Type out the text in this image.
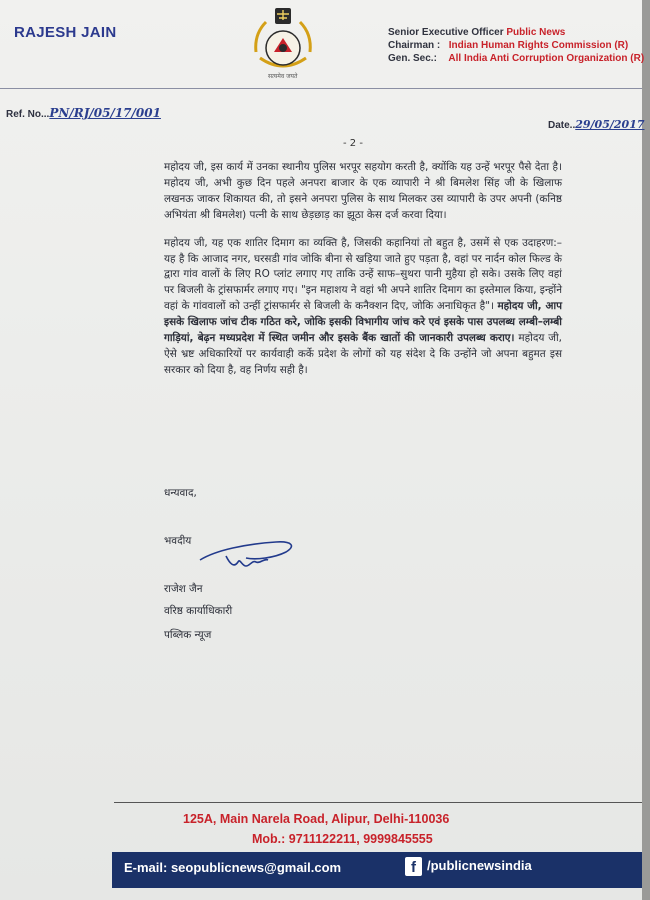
RAJESH JAIN
सत्यमेव जयते
Senior Executive Officer Public News
Chairman : Indian Human Rights Commission (R)
Gen. Sec.: All India Anti Corruption Organization (R)
Ref. No...PN/RJ/05/17/001
Date..29/05/2017
- 2 -

महोदय जी, इस कार्य में उनका स्थानीय पुलिस भरपूर सहयोग करती है, क्योंकि यह उन्हें भरपूर पैसे देता है। महोदय जी, अभी कुछ दिन पहले अनपरा बाजार के एक व्यापारी ने श्री बिमलेश सिंह जी के खिलाफ लखनऊ जाकर शिकायत की, तो इसने अनपरा पुलिस के साथ मिलकर उस व्यापारी के उपर अपनी (कनिष्ठ अभियंता श्री बिमलेश) पत्नी के साथ छेड़छाड़ का झूठा केस दर्ज करवा दिया।

महोदय जी, यह एक शातिर दिमाग का व्यक्ति है, जिसकी कहानियां तो बहुत है, उसमें से एक उदाहरण:– यह है कि आजाद नगर, घरसडी गांव जोकि बीना से खड़िया जाते हुए पड़ता है, वहां पर नार्दन कोल फिल्ड के द्वारा गांव वालों के लिए RO प्लांट लगाए गए ताकि उन्हें साफ–सुथरा पानी मुहैया हो सके। उसके लिए वहां पर बिजली के ट्रांसफार्मर लगाए गए। "इन महाशय ने वहां भी अपने शातिर दिमाग का इस्तेमाल किया, इन्होंने वहां के गांववालों को उन्हीं ट्रांसफार्मर से बिजली के कनैक्शन दिए, जोकि अनाधिकृत है"। महोदय जी, आप इसके खिलाफ जांच टीक गठित करे, जोकि इसकी विभागीय जांच करे एवं इसके पास उपलब्ध लम्बी–लम्बी गाड़ियां, बेढ़न मध्यप्रदेश में स्थित जमीन और इसके बैंक खातों की जानकारी उपलब्ध कराए। महोदय जी, ऐसे भ्रष्ट अधिकारियों पर कार्यवाही कर्के प्रदेश के लोगों को यह संदेश दे कि उन्होंने जो अपना बहुमत इस सरकार को दिया है, वह निर्णय सही है।

धन्यवाद,
भवदीय
राजेश जैन
वरिष्ठ कार्याधिकारी
पब्लिक न्यूज
125A, Main Narela Road, Alipur, Delhi-110036
Mob.: 9711122211, 9999845555
E-mail: seopublicnews@gmail.com	f /publicnewsindia
